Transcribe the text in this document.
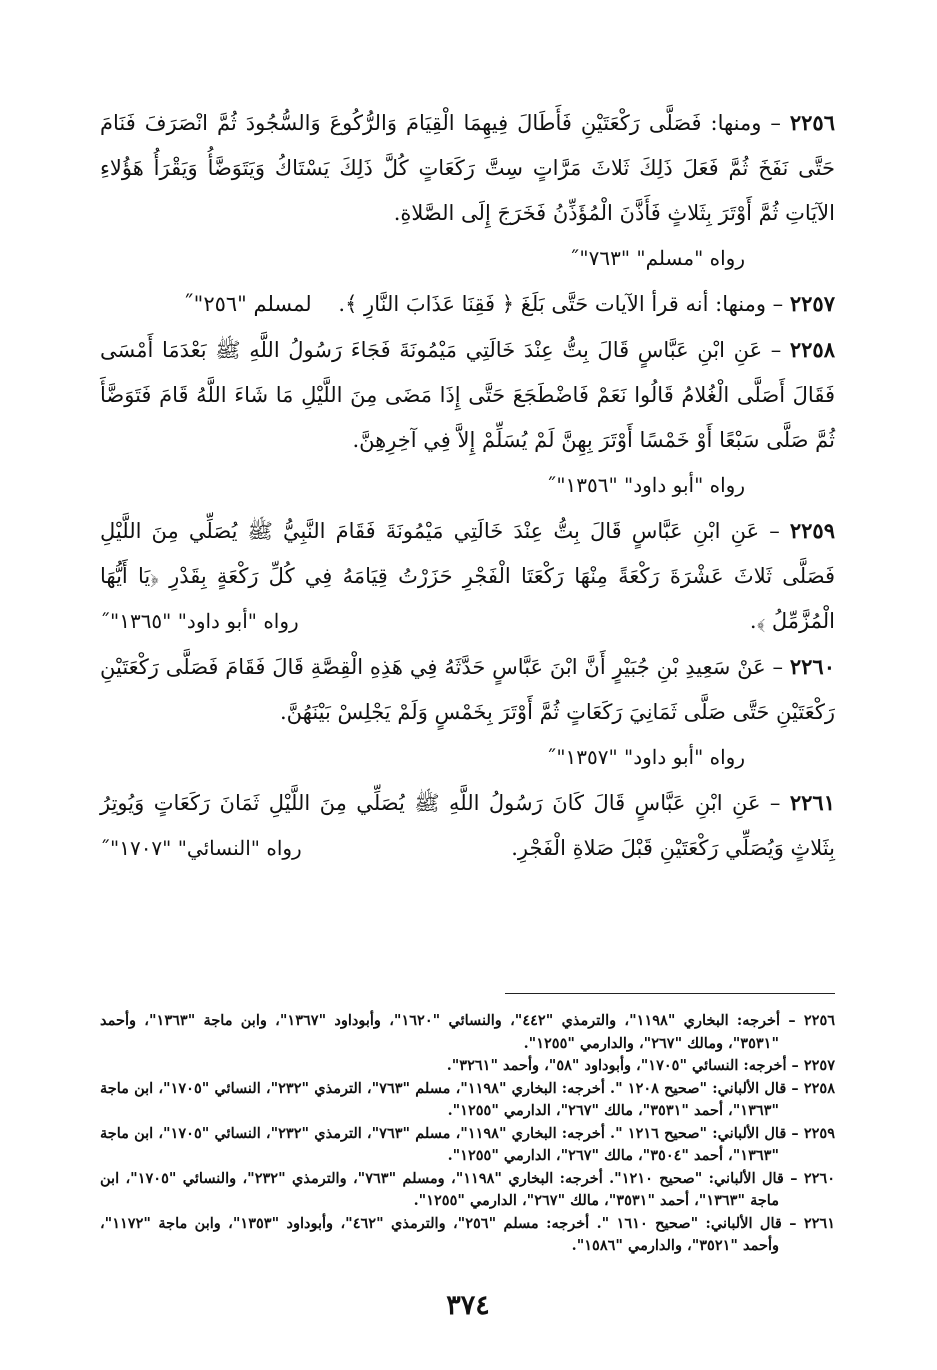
٢٢٥٦ – ومنها: فَصَلَّى رَكْعَتَيْنِ فَأَطَالَ فِيهِمَا الْقِيَامَ وَالرُّكُوعَ وَالسُّجُودَ ثُمَّ انْصَرَفَ فَنَامَ حَتَّى نَفَخَ ثُمَّ فَعَلَ ذَلِكَ ثَلاثَ مَرَّاتٍ سِتَّ رَكَعَاتٍ كُلَّ ذَلِكَ يَسْتَاكُ وَيَتَوَضَّأُ وَيَقْرَأُ هَؤُلاءِ الآيَاتِ ثُمَّ أَوْتَرَ بِثَلاثٍ فَأَذَّنَ الْمُؤَذِّنُ فَخَرَجَ إِلَى الصَّلاةِ.

رواه "مسلم" "٧٦٣"˝

٢٢٥٧ – ومنها: أنه قرأ الآيات حَتَّى بَلَغَ ﴿ فَقِنَا عَذَابَ النَّارِ ﴾.    لمسلم "٢٥٦"˝

٢٢٥٨ – عَنِ ابْنِ عَبَّاسٍ قَالَ بِتُّ عِنْدَ خَالَتِي مَيْمُونَةَ فَجَاءَ رَسُولُ اللَّهِ ﷺ بَعْدَمَا أَمْسَى فَقَالَ أَصَلَّى الْغُلامُ قَالُوا نَعَمْ فَاضْطَجَعَ حَتَّى إِذَا مَضَى مِنَ اللَّيْلِ مَا شَاءَ اللَّهُ قَامَ فَتَوَضَّأَ ثُمَّ صَلَّى سَبْعًا أَوْ خَمْسًا أَوْتَرَ بِهِنَّ لَمْ يُسَلِّمْ إِلاَّ فِي آخِرِهِنَّ.

رواه "أبو داود" "١٣٥٦"˝

٢٢٥٩ – عَنِ ابْنِ عَبَّاسٍ قَالَ بِتُّ عِنْدَ خَالَتِي مَيْمُونَةَ فَقَامَ النَّبِيُّ ﷺ يُصَلِّي مِنَ اللَّيْلِ فَصَلَّى ثَلاثَ عَشْرَةَ رَكْعَةً مِنْهَا رَكْعَتَا الْفَجْرِ حَزَرْتُ قِيَامَهُ فِي كُلِّ رَكْعَةٍ بِقَدْرِ ﴿يَا أَيُّهَا الْمُزَّمِّلُ ﴾.
رواه "أبو داود" "١٣٦٥"˝

٢٢٦٠ – عَنْ سَعِيدِ بْنِ جُبَيْرٍ أَنَّ ابْنَ عَبَّاسٍ حَدَّثَهُ فِي هَذِهِ الْقِصَّةِ قَالَ فَقَامَ فَصَلَّى رَكْعَتَيْنِ رَكْعَتَيْنِ حَتَّى صَلَّى ثَمَانِيَ رَكَعَاتٍ ثُمَّ أَوْتَرَ بِخَمْسٍ وَلَمْ يَجْلِسْ بَيْنَهُنَّ.

رواه "أبو داود" "١٣٥٧"˝

٢٢٦١ – عَنِ ابْنِ عَبَّاسٍ قَالَ كَانَ رَسُولُ اللَّهِ ﷺ يُصَلِّي مِنَ اللَّيْلِ ثَمَانَ رَكَعَاتٍ وَيُوتِرُ بِثَلاثٍ وَيُصَلِّي رَكْعَتَيْنِ قَبْلَ صَلاةِ الْفَجْرِ.
رواه "النسائي" "١٧٠٧"˝

٢٢٥٦ – أخرجه: البخاري "١١٩٨"، والترمذي "٤٤٢"، والنسائي "١٦٢٠"، وأبوداود "١٣٦٧"، وابن ماجة "١٣٦٣"، وأحمد "٣٥٣١"، ومالك "٢٦٧"، والدارمي "١٢٥٥".

٢٢٥٧ – أخرجه: النسائي "١٧٠٥"، وأبوداود "٥٨"، وأحمد "٣٢٦١".

٢٢٥٨ – قال الألباني: "صحيح ١٢٠٨ ". أخرجه: البخاري "١١٩٨"، مسلم "٧٦٣"، الترمذي "٢٣٢"، النسائي "١٧٠٥"، ابن ماجة "١٣٦٣"، أحمد "٣٥٣١"، مالك "٢٦٧"، الدارمي "١٢٥٥".

٢٢٥٩ – قال الألباني: "صحيح ١٢١٦ ". أخرجه: البخاري "١١٩٨"، مسلم "٧٦٣"، الترمذي "٢٣٢"، النسائي "١٧٠٥"، ابن ماجة "١٣٦٣"، أحمد "٣٥٠٤"، مالك "٢٦٧"، الدارمي "١٢٥٥".

٢٢٦٠ – قال الألباني: "صحيح ١٢١٠". أخرجه: البخاري "١١٩٨"، ومسلم "٧٦٣"، والترمذي "٢٣٢"، والنسائي "١٧٠٥"، ابن ماجة "١٣٦٣"، أحمد "٣٥٣١"، مالك "٢٦٧"، الدارمي "١٢٥٥".

٢٢٦١ – قال الألباني: "صحيح ١٦١٠ ". أخرجه: مسلم "٢٥٦"، والترمذي "٤٦٢"، وأبوداود "١٣٥٣"، وابن ماجة "١١٧٢"، وأحمد "٣٥٢١"، والدارمي "١٥٨٦".

٣٧٤
